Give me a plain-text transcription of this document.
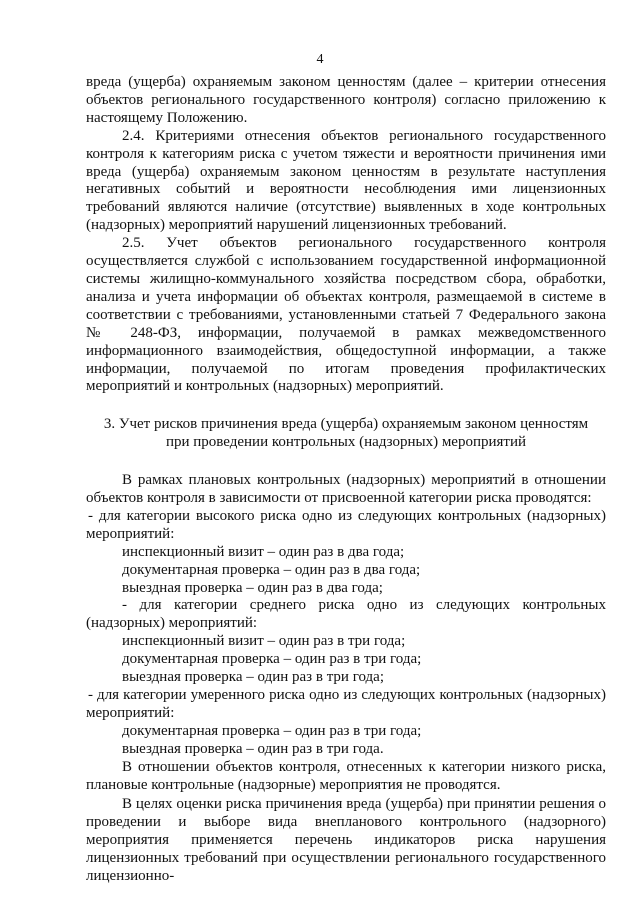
4

вреда (ущерба) охраняемым законом ценностям (далее – критерии отнесения объектов регионального государственного контроля) согласно приложению к настоящему Положению.

2.4. Критериями отнесения объектов регионального государственного контроля к категориям риска с учетом тяжести и вероятности причинения ими вреда (ущерба) охраняемым законом ценностям в результате наступления негативных событий и вероятности несоблюдения ими лицензионных требований являются наличие (отсутствие) выявленных в ходе контрольных (надзорных) мероприятий нарушений лицензионных требований.

2.5. Учет объектов регионального государственного контроля осуществляется службой с использованием государственной информационной системы жилищно-коммунального хозяйства посредством сбора, обработки, анализа и учета информации об объектах контроля, размещаемой в системе в соответствии с требованиями, установленными статьей 7 Федерального закона № 248-ФЗ, информации, получаемой в рамках межведомственного информационного взаимодействия, общедоступной информации, а также информации, получаемой по итогам проведения профилактических мероприятий и контрольных (надзорных) мероприятий.

3. Учет рисков причинения вреда (ущерба) охраняемым законом ценностям
при проведении контрольных (надзорных) мероприятий

В рамках плановых контрольных (надзорных) мероприятий в отношении объектов контроля в зависимости от присвоенной категории риска проводятся:

- для категории высокого риска одно из следующих контрольных (надзорных) мероприятий:

инспекционный визит – один раз в два года;

документарная проверка – один раз в два года;

выездная проверка – один раз в два года;

- для категории среднего риска одно из следующих контрольных (надзорных) мероприятий:

инспекционный визит – один раз в три года;

документарная проверка – один раз в три года;

выездная проверка – один раз в три года;

- для категории умеренного риска одно из следующих контрольных (надзорных) мероприятий:

документарная проверка – один раз в три года;

выездная проверка – один раз в три года.

В отношении объектов контроля, отнесенных к категории низкого риска, плановые контрольные (надзорные) мероприятия не проводятся.

В целях оценки риска причинения вреда (ущерба) при принятии решения о проведении и выборе вида внепланового контрольного (надзорного) мероприятия применяется перечень индикаторов риска нарушения лицензионных требований при осуществлении регионального государственного лицензионно-
